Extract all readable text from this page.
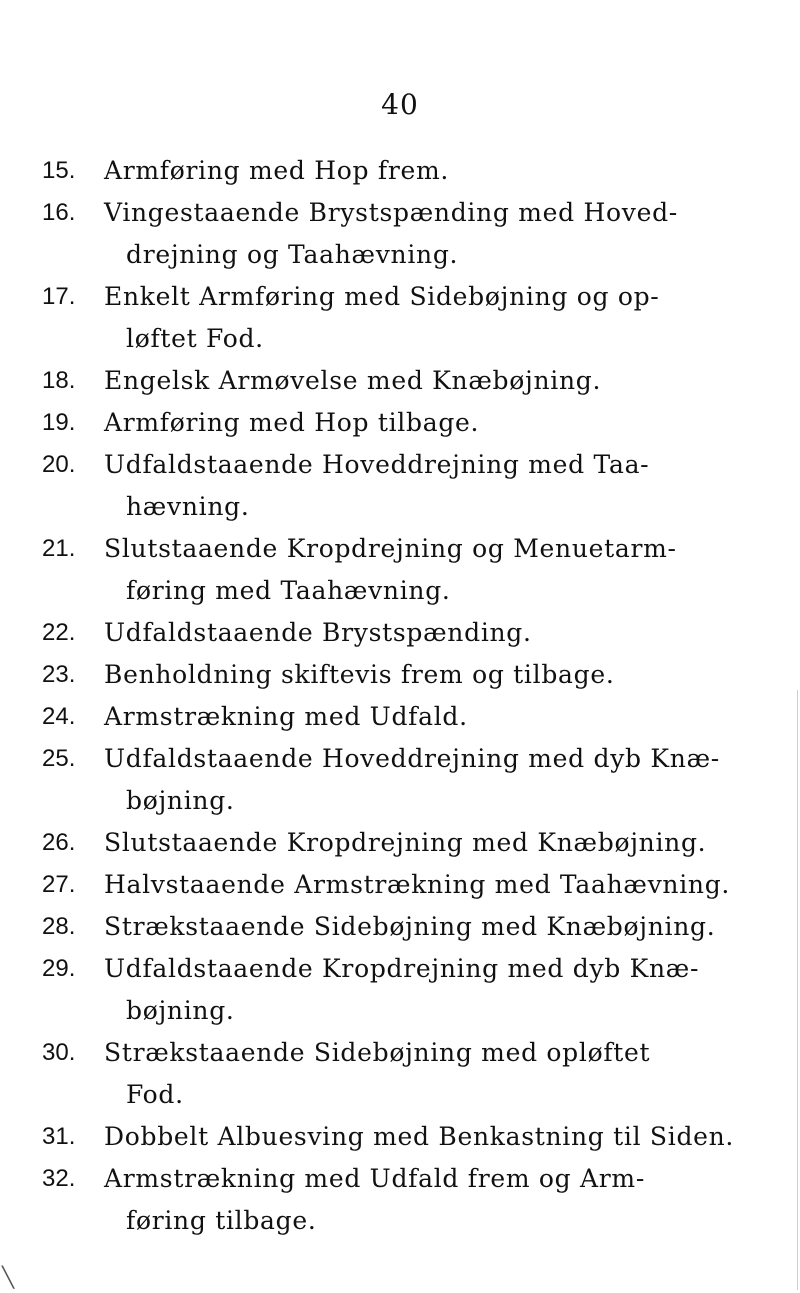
40
15.	Armføring med Hop frem.
16.	Vingestaaende Brystspænding med Hoved-
drejning og Taahævning.
17.	Enkelt Armføring med Sidebøjning og op-
løftet Fod.
18.	Engelsk Armøvelse med Knæbøjning.
19.	Armføring med Hop tilbage.
20.	Udfaldstaaende Hoveddrejning med Taa-
hævning.
21.	Slutstaaende Kropdrejning og Menuetarm-
føring med Taahævning.
22.	Udfaldstaaende Brystspænding.
23.	Benholdning skiftevis frem og tilbage.
24.	Armstrækning med Udfald.
25.	Udfaldstaaende Hoveddrejning med dyb Knæ-
bøjning.
26.	Slutstaaende Kropdrejning med Knæbøjning.
27.	Halvstaaende Armstrækning med Taahævning.
28.	Strækstaaende Sidebøjning med Knæbøjning.
29.	Udfaldstaaende Kropdrejning med dyb Knæ-
bøjning.
30.	Strækstaaende Sidebøjning med opløftet
Fod.
31.	Dobbelt Albuesving med Benkastning til Siden.
32.	Armstrækning med Udfald frem og Arm-
føring tilbage.
╲
